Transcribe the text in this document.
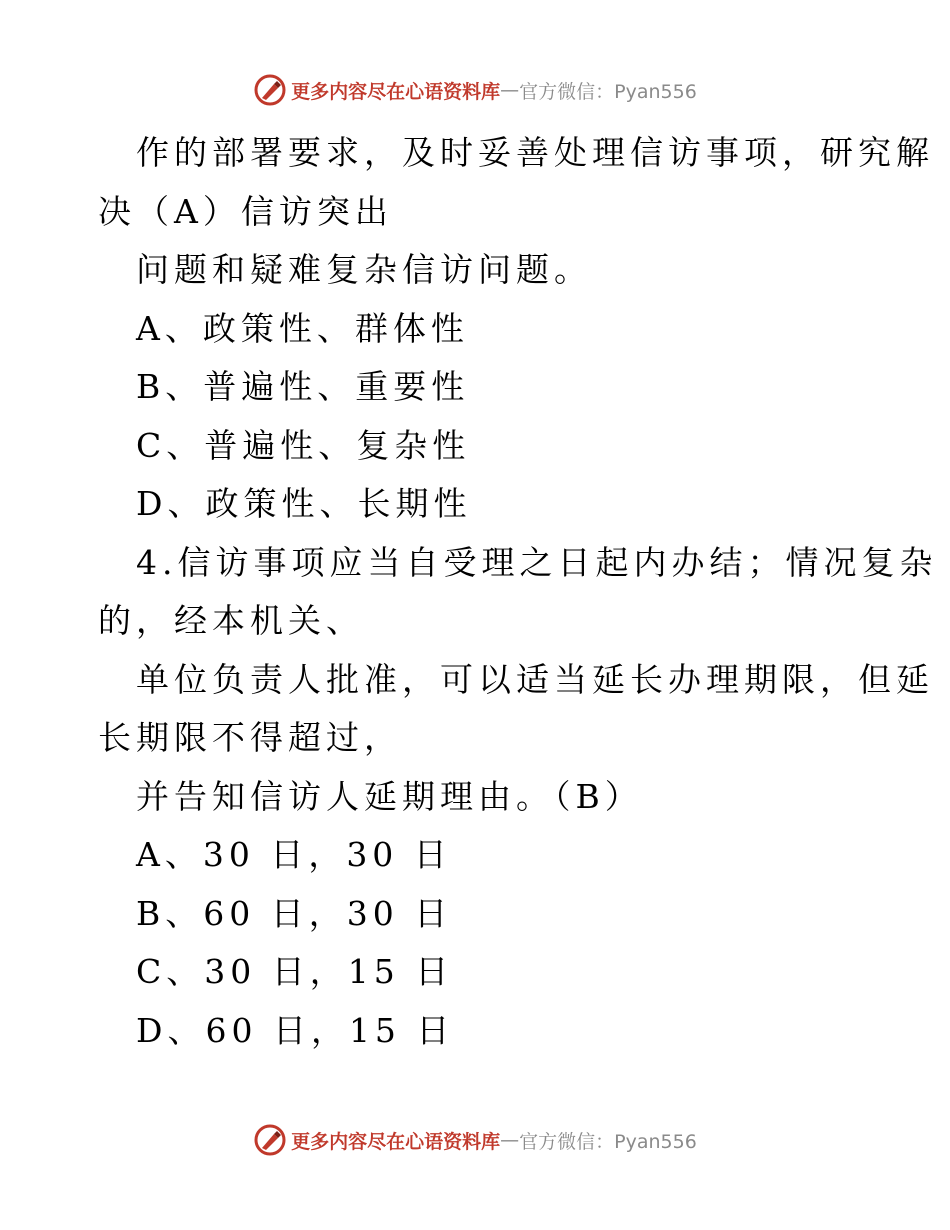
更多内容尽在心语资料库 — 官方微信：Pyan556
作的部署要求，及时妥善处理信访事项，研究解
决（A）信访突出
问题和疑难复杂信访问题。
A、政策性、群体性
B、普遍性、重要性
C、普遍性、复杂性
D、政策性、长期性
4.信访事项应当自受理之日起内办结；情况复杂
的，经本机关、
单位负责人批准，可以适当延长办理期限，但延
长期限不得超过，
并告知信访人延期理由。（B）
A、30 日，30 日
B、60 日，30 日
C、30 日，15 日
D、60 日，15 日
更多内容尽在心语资料库 — 官方微信：Pyan556
